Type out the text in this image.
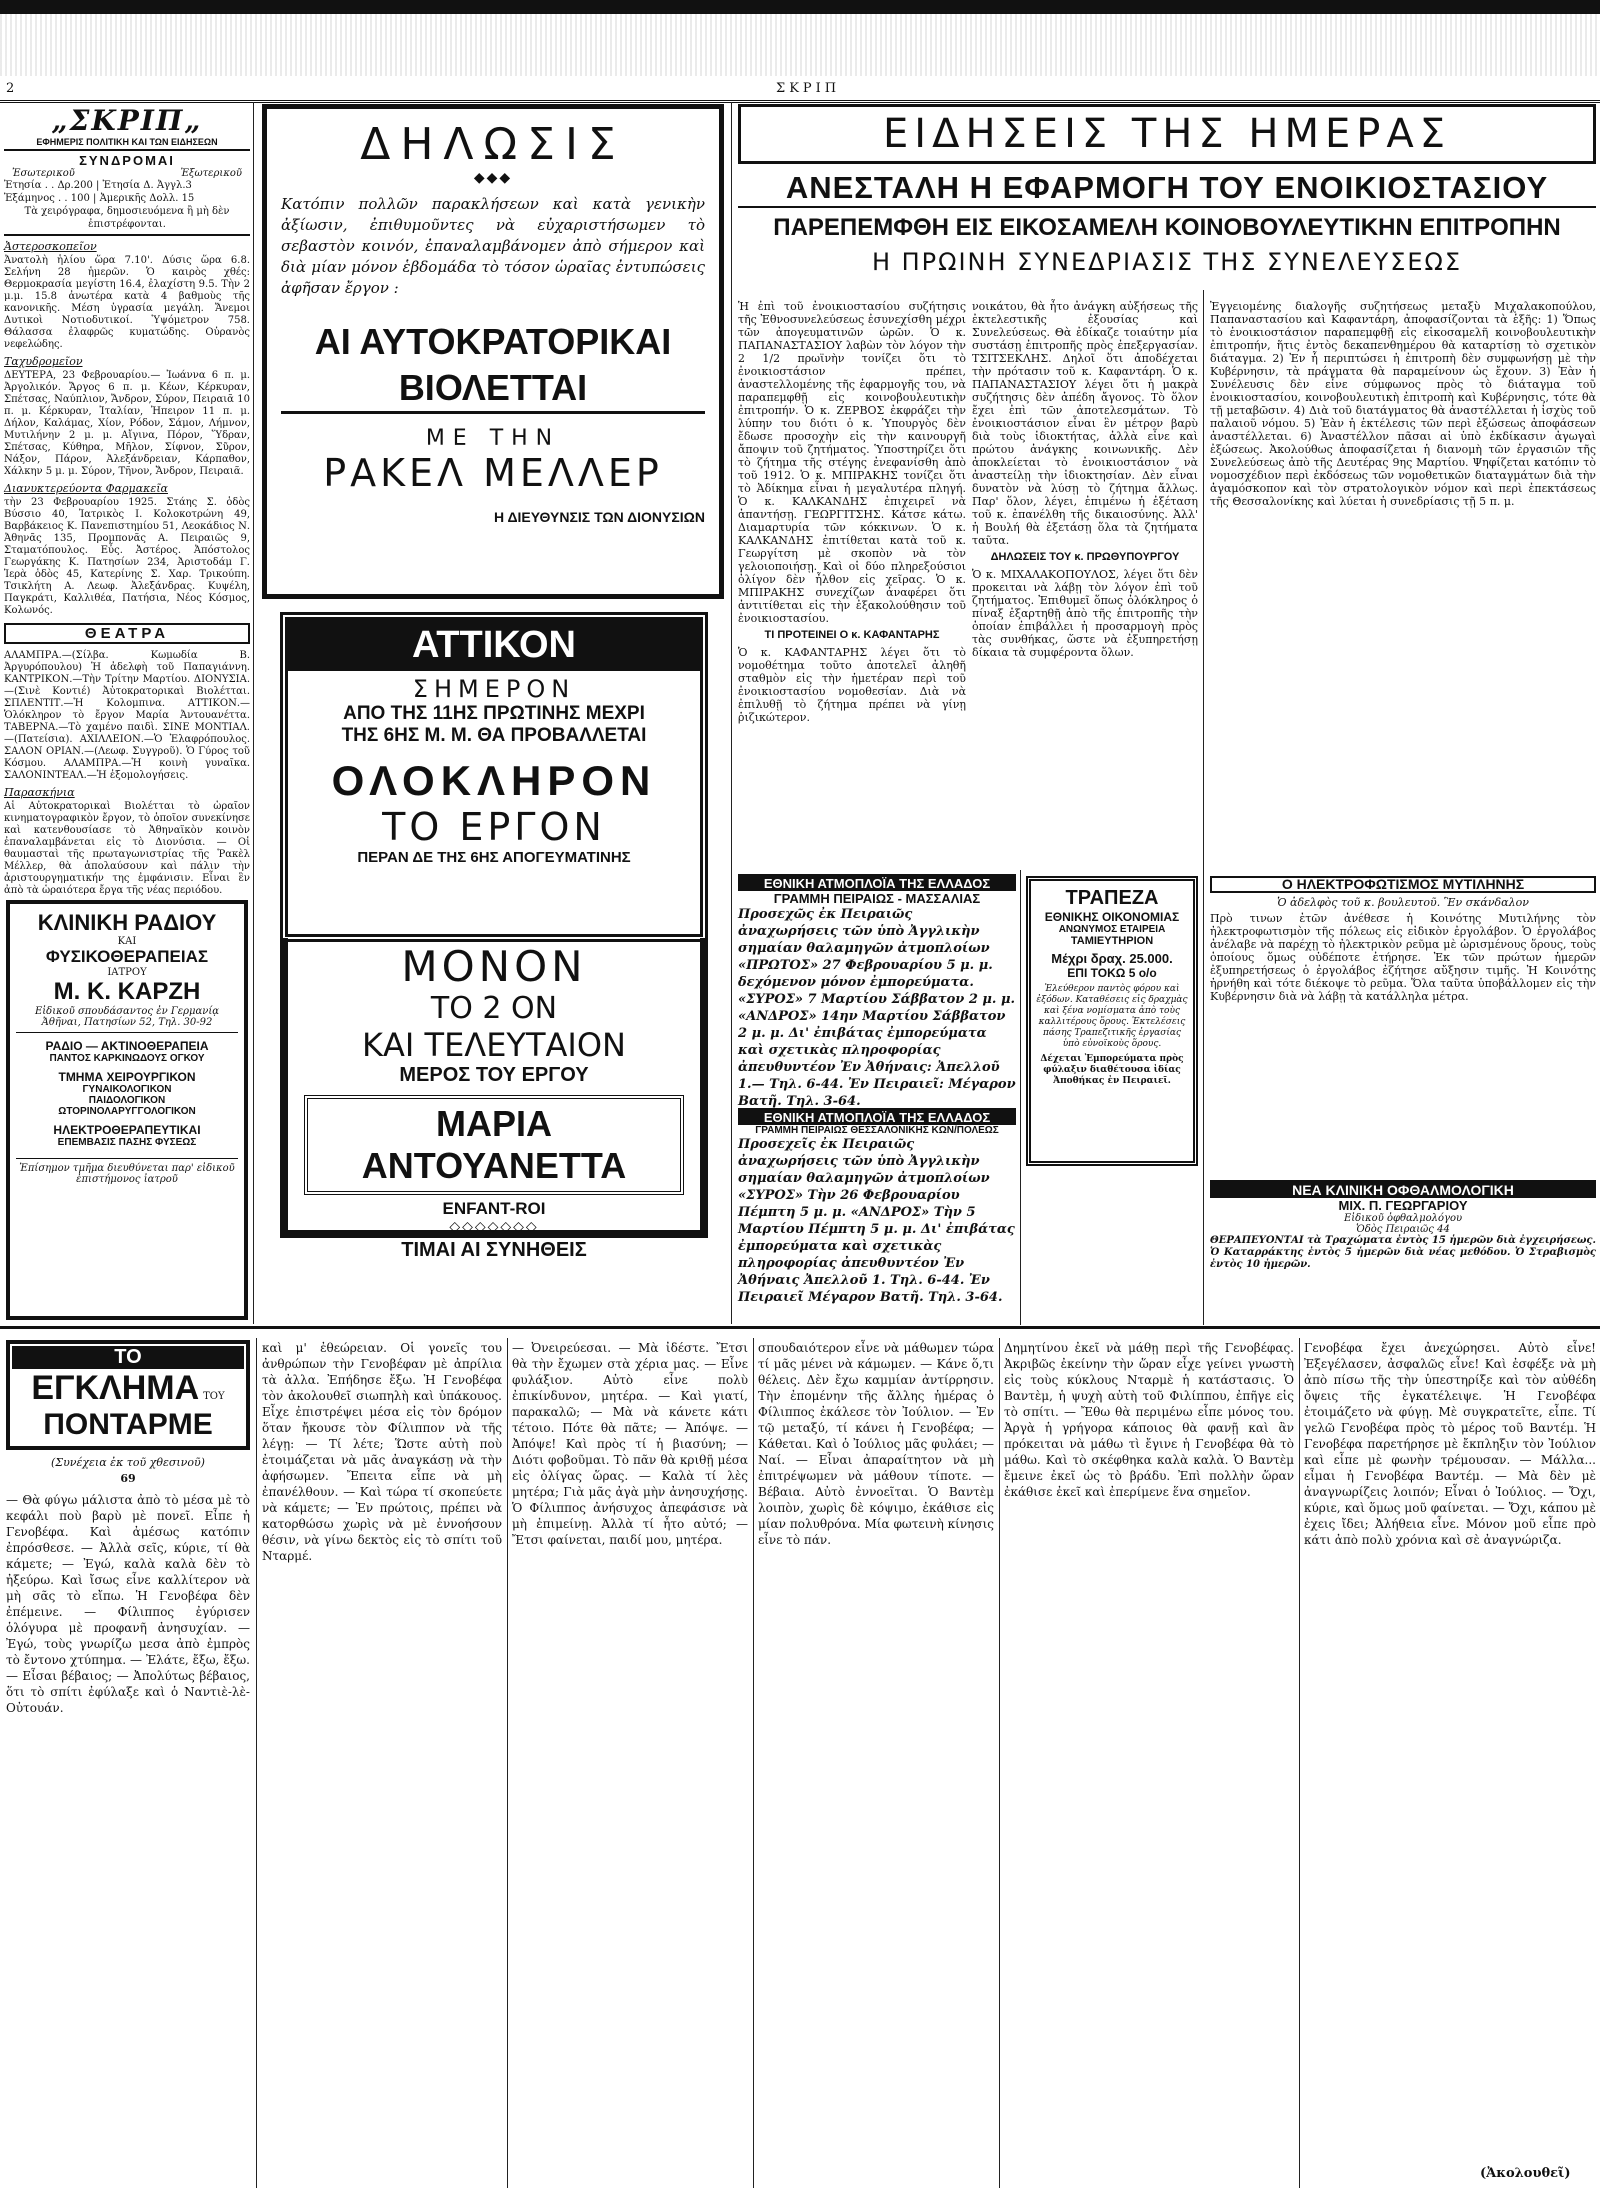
2	ΣΚΡΙΠ
„ΣΚΡΙΠ„
ΕΦΗΜΕΡΙΣ ΠΟΛΙΤΙΚΗ ΚΑΙ ΤΩΝ ΕΙΔΗΣΕΩΝ
ΣΥΝΔΡΟΜΑΙ
Ἐσωτερικοῦ	Ἐξωτερικοῦ
Ἐτησία . . Δρ.200 | Ἐτησία Δ. Ἀγγλ.3
Ἑξάμηνος . . 100 | Ἀμερικῆς Δολλ. 15
Τὰ χειρόγραφα, δημοσιευόμενα ἢ μὴ δὲν ἐπιστρέφονται.
Ἀστεροσκοπεῖον
Ἀνατολὴ ἡλίου ὥρα 7.10'. Δύσις ὥρα 6.8. Σελήνη 28 ἡμερῶν. Ὁ καιρὸς χθές: Θερμοκρασία μεγίστη 16.4, ἐλαχίστη 9.5. Τὴν 2 μ.μ. 15.8 ἀνωτέρα κατὰ 4 βαθμοὺς τῆς κανονικῆς. Μέση ὑγρασία μεγάλη. Ἄνεμοι Δυτικοὶ Νοτιοδυτικοί. Ὑψόμετρον 758. Θάλασσα ἐλαφρῶς κυματώδης. Οὐρανὸς νεφελώδης.
Ταχυδρομεῖον
ΔΕΥΤΕΡΑ, 23 Φεβρουαρίου.— Ἰωάννα 6 π. μ. Ἀργολικόν. Ἄργος 6 π. μ. Κέων, Κέρκυραν, Σπέτσας, Ναύπλιον, Ἄνδρον, Σύρον, Πειραιᾶ 10 π. μ. Κέρκυραν, Ἰταλίαν, Ἠπειρον 11 π. μ. Δήλον, Καλάμας, Χίον, Ρόδον, Σάμον, Λήμνον, Μυτιλήνην 2 μ. μ. Αἴγινα, Πόρον, Ὕδραν, Σπέτσας, Κύθηρα, Μῆλον, Σίφνον, Σῦρον, Νάξον, Πάρον, Ἀλεξάνδρειαν, Κάρπαθον, Χάλκην 5 μ. μ. Σύρον, Τῆνον, Ἄνδρον, Πειραιᾶ.
Διανυκτερεύοντα Φαρμακεῖα
τὴν 23 Φεβρουαρίου 1925. Στάης Σ. ὁδὸς Βύσσιο 40, Ἰατρικὸς Ι. Κολοκοτρώνη 49, Βαρβάκειος Κ. Πανεπιστημίου 51, Λεοκάδιος Ν. Ἀθηνᾶς 135, Προμπονᾶς Α. Πειραιῶς 9, Σταματόπουλος. Εὖς. Ἀστέρος. Ἀπόστολος Γεωργάκης Κ. Πατησίων 234, Ἀριστοδάμ Γ. Ἱερὰ ὁδὸς 45, Κατερίνης Σ. Χαρ. Τρικούπη. Τσικλήτη Α. Λεωφ. Ἀλεξάνδρας. Κυψέλη, Παγκράτι, Καλλιθέα, Πατήσια, Νέος Κόσμος, Κολωνός.
ΘΕΑΤΡΑ
ΑΛΑΜΠΡΑ.—(Σίλβα. Κωμωδία Β. Ἀργυρόπουλου) Ἡ ἀδελφὴ τοῦ Παπαγιάννη. ΚΑΝΤΡΙΚΟΝ.—Τὴν Τρίτην Μαρτίου. ΔΙΟΝΥΣΙΑ.—(Σινὲ Κοντιέ) Ἀὐτοκρατορικαὶ Βιολέτται. ΣΠΛΕΝΤΙΤ.—Ἡ Κολομπινα. ΑΤΤΙΚΟΝ.—Ὁλόκληρον τὸ ἔργον Μαρία Ἀντουανέττα. ΤΑΒΕΡΝΑ.—Τὸ χαμένο παιδὶ. ΣΙΝΕ ΜΟΝΤΙΑΛ.—(Πατείσια). ΑΧΙΛΛΕΙΟΝ.—Ὁ Ἐλαφρόπουλος. ΣΑΛΟΝ ΟΡΙΑΝ.—(Λεωφ. Συγγροῦ). Ὁ Γύρος τοῦ Κόσμου. ΑΛΑΜΠΡΑ.—Ἡ κοινὴ γυναῖκα. ΣΑΛΟΝΙΝΤΕΑΛ.—Ἡ ἐξομολογήσεις.
Παρασκήνια
Αἱ Αὐτοκρατορικαὶ Βιολέτται τὸ ὡραῖον κινηματογραφικὸν ἔργον, τὸ ὁποῖον συνεκίνησε καὶ κατενθουσίασε τὸ Ἀθηναϊκὸν κοινὸν ἐπαναλαμβάνεται εἰς τὸ Διονύσια. — Οἱ θαυμασταὶ τῆς πρωταγωνιστρίας τῆς Ῥακὲλ Μέλλερ, θὰ ἀπολαύσουν καὶ πάλιν τὴν ἀριστουργηματικήν της ἐμφάνισιν. Εἶναι ἓν ἀπὸ τὰ ὡραιότερα ἔργα τῆς νέας περιόδου.
ΚΛΙΝΙΚΗ ΡΑΔΙΟΥ
ΚΑΙ
ΦΥΣΙΚΟΘΕΡΑΠΕΙΑΣ
ΙΑΤΡΟΥ
Μ. Κ. ΚΑΡΖΗ
Εἰδικοῦ σπουδάσαντος ἐν Γερμανίᾳ
Ἀθῆναι, Πατησίων 52, Τηλ. 30-92
ΡΑΔΙΟ — ΑΚΤΙΝΟΘΕΡΑΠΕΙΑ
ΠΑΝΤΟΣ ΚΑΡΚΙΝΩΔΟΥΣ ΟΓΚΟΥ
ΤΜΗΜΑ ΧΕΙΡΟΥΡΓΙΚΟΝ
ΓΥΝΑΙΚΟΛΟΓΙΚΟΝ
ΠΑΙΔΟΛΟΓΙΚΟΝ
ΩΤΟΡΙΝΟΛΑΡΥΓΓΟΛΟΓΙΚΟΝ
ΗΛΕΚΤΡΟΘΕΡΑΠΕΥΤΙΚΑΙ
ΕΠΕΜΒΑΣΙΣ ΠΑΣΗΣ ΦΥΣΕΩΣ
Ἐπίσημον τμῆμα διευθύνεται παρ' εἰδικοῦ ἐπιστήμονος ἰατροῦ
ΔΗΛΩΣΙΣ
◆◆◆
Κατόπιν πολλῶν παρακλήσεων καὶ κατὰ γενικὴν ἀξίωσιν, ἐπιθυμοῦντες νὰ εὐχαριστήσωμεν τὸ σεβαστὸν κοινόν, ἐπαναλαμβάνομεν ἀπὸ σήμερον καὶ διὰ μίαν μόνον ἑβδομάδα τὸ τόσον ὡραῖας ἐντυπώσεις ἀφῆσαν ἔργον :
ΑΙ ΑΥΤΟΚΡΑΤΟΡΙΚΑΙ ΒΙΟΛΕΤΤΑΙ
ΜΕ ΤΗΝ
ΡΑΚΕΛ ΜΕΛΛΕΡ
Η ΔΙΕΥΘΥΝΣΙΣ ΤΩΝ ΔΙΟΝΥΣΙΩΝ
ΑΤΤΙΚΟΝ
ΣΗΜΕΡΟΝ
ΑΠΟ ΤΗΣ 11ΗΣ ΠΡΩΤΙΝΗΣ ΜΕΧΡΙ
ΤΗΣ 6ΗΣ Μ. Μ. ΘΑ ΠΡΟΒΑΛΛΕΤΑΙ
ΟΛΟΚΛΗΡΟΝ
ΤΟ ΕΡΓΟΝ
ΠΕΡΑΝ ΔΕ ΤΗΣ 6ΗΣ ΑΠΟΓΕΥΜΑΤΙΝΗΣ
ΜΟΝΟΝ
ΤΟ 2 ΟΝ
ΚΑΙ ΤΕΛΕΥΤΑΙΟΝ
ΜΕΡΟΣ ΤΟΥ ΕΡΓΟΥ
ΜΑΡΙΑ ΑΝΤΟΥΑΝΕΤΤΑ
ENFANT-ROI
◇◇◇◇◇◇◇
ΤΙΜΑΙ ΑΙ ΣΥΝΗΘΕΙΣ
ΕΙΔΗΣΕΙΣ ΤΗΣ ΗΜΕΡΑΣ
ΑΝΕΣΤΑΛΗ Η ΕΦΑΡΜΟΓΗ ΤΟΥ ΕΝΟΙΚΙΟΣΤΑΣΙΟΥ
ΠΑΡΕΠΕΜΦΘΗ ΕΙΣ ΕΙΚΟΣΑΜΕΛΗ ΚΟΙΝΟΒΟΥΛΕΥΤΙΚΗΝ ΕΠΙΤΡΟΠΗΝ
Η ΠΡΩΙΝΗ ΣΥΝΕΔΡΙΑΣΙΣ ΤΗΣ ΣΥΝΕΛΕΥΣΕΩΣ
Ἡ ἐπὶ τοῦ ἐνοικιοστασίου συζήτησις τῆς Ἐθνοσυνελεύσεως ἐσυνεχίσθη μέχρι τῶν ἀπογευματινῶν ὡρῶν. Ὁ κ. ΠΑΠΑΝΑΣΤΑΣΙΟΥ λαβὼν τὸν λόγον τὴν 2 1/2 πρωϊνὴν τονίζει ὅτι τὸ ἐνοικιοστάσιον πρέπει, ἀναστελλομένης τῆς ἐφαρμογῆς του, νὰ παραπεμφθῇ εἰς κοινοβουλευτικὴν ἐπιτροπήν. Ὁ κ. ΖΕΡΒΟΣ ἐκφράζει τὴν λύπην του διότι ὁ κ. Ὑπουργὸς δὲν ἔδωσε προσοχὴν εἰς τὴν καινουργῆ ἄποψιν τοῦ ζητήματος. Ὑποστηρίζει ὅτι τὸ ζήτημα τῆς στέγης ἐνεφανίσθη ἀπὸ τοῦ 1912. Ὁ κ. ΜΠΙΡΑΚΗΣ τονίζει ὅτι τὸ Ἀδίκημα εἶναι ἡ μεγαλυτέρα πληγή. Ὁ κ. ΚΑΛΚΑΝΔΗΣ ἐπιχειρεῖ νὰ ἀπαντήσῃ. ΓΕΩΡΓΙΤΣΗΣ. Κάτσε κάτω. Διαμαρτυρία τῶν κόκκινων. Ὁ κ. ΚΑΛΚΑΝΔΗΣ ἐπιτίθεται κατὰ τοῦ κ. Γεωργίτση μὲ σκοπὸν νὰ τὸν γελοιοποιήσῃ. Καὶ οἱ δύο πληρεξούσιοι ὀλίγον δὲν ἦλθον εἰς χεῖρας. Ὁ κ. ΜΠΙΡΑΚΗΣ συνεχίζων ἀναφέρει ὅτι ἀντιτίθεται εἰς τὴν ἐξακολούθησιν τοῦ ἐνοικιοστασίου.
ΤΙ ΠΡΟΤΕΙΝΕΙ Ο κ. ΚΑΦΑΝΤΑΡΗΣ
Ὁ κ. ΚΑΦΑΝΤΑΡΗΣ λέγει ὅτι τὸ νομοθέτημα τοῦτο ἀποτελεῖ ἀληθῆ σταθμὸν εἰς τὴν ἡμετέραν περὶ τοῦ ἐνοικιοστασίου νομοθεσίαν. Διὰ νὰ ἐπιλυθῇ τὸ ζήτημα πρέπει νὰ γίνῃ ῥιζικώτερον.
νοικάτου, θὰ ἦτο ἀνάγκη αὐξήσεως τῆς ἐκτελεστικῆς ἐξουσίας καὶ Συνελεύσεως. Θὰ ἐδίκαζε τοιαύτην μία συστάσῃ ἐπιτροπῆς πρὸς ἐπεξεργασίαν. ΤΣΙΤΣΕΚΛΗΣ. Δηλοῖ ὅτι ἀποδέχεται τὴν πρότασιν τοῦ κ. Καφαντάρη. Ὁ κ. ΠΑΠΑΝΑΣΤΑΣΙΟΥ λέγει ὅτι ἡ μακρὰ συζήτησις δὲν ἀπέδη ἄγονος. Τὸ ὅλον ἔχει ἐπὶ τῶν ἀποτελεσμάτων. Τὸ ἐνοικιοστάσιον εἶναι ἓν μέτρον βαρὺ διὰ τοὺς ἰδιοκτήτας, ἀλλὰ εἶνε καὶ πρώτου ἀνάγκης κοινωνικῆς. Δὲν ἀποκλείεται τὸ ἐνοικιοστάσιον νὰ ἀναστείλῃ τὴν ἰδιοκτησίαν. Δὲν εἶναι δυνατὸν νὰ λύσῃ τὸ ζήτημα ἄλλως. Παρ' ὅλον, λέγει, ἐπιμένω ἡ ἐξέταση τοῦ κ. ἐπανέλθη τῆς δικαιοσύνης. Ἀλλ' ἡ Βουλή θὰ ἐξετάσῃ ὅλα τὰ ζητήματα ταῦτα.
ΔΗΛΩΣΕΙΣ ΤΟΥ κ. ΠΡΩΘΥΠΟΥΡΓΟΥ
Ὁ κ. ΜΙΧΑΛΑΚΟΠΟΥΛΟΣ, λέγει ὅτι δὲν προκειται νὰ λάβῃ τὸν λόγον ἐπὶ τοῦ ζητήματος. Ἐπιθυμεῖ ὅπως ὁλόκληρος ὁ πίναξ ἐξαρτηθῇ ἀπὸ τῆς ἐπιτροπῆς τὴν ὁποίαν ἐπιβάλλει ἡ προσαρμογὴ πρὸς τὰς συνθήκας, ὥστε νὰ ἐξυπηρετήσῃ δίκαια τὰ συμφέροντα ὅλων.
Ἐγγειομένης διαλογῆς συζητήσεως μεταξὺ Μιχαλακοπούλου, Παπαναστασίου καὶ Καφαντάρη, ἀποφασίζονται τὰ ἑξῆς: 1) Ὅπως τὸ ἐνοικιοστάσιον παραπεμφθῇ εἰς εἰκοσαμελῆ κοινοβουλευτικὴν ἐπιτροπήν, ἥτις ἐντὸς δεκαπενθημέρου θὰ καταρτίσῃ τὸ σχετικὸν διάταγμα. 2) Ἐν ἧ περιπτώσει ἡ ἐπιτροπὴ δὲν συμφωνήσῃ μὲ τὴν Κυβέρνησιν, τὰ πράγματα θὰ παραμείνουν ὡς ἔχουν. 3) Ἐὰν ἡ Συνέλευσις δὲν εἶνε σύμφωνος πρὸς τὸ διάταγμα τοῦ ἐνοικιοστασίου, κοινοβουλευτικὴ ἐπιτροπὴ καὶ Κυβέρνησις, τότε θὰ τῇ μεταβῶσιν. 4) Διὰ τοῦ διατάγματος θὰ ἀναστέλλεται ἡ ἰσχὺς τοῦ παλαιοῦ νόμου. 5) Ἐὰν ἡ ἐκτέλεσις τῶν περὶ ἐξώσεως ἀποφάσεων ἀναστέλλεται. 6) Ἀναστέλλον πᾶσαι αἱ ὑπὸ ἐκδίκασιν ἀγωγαὶ ἐξώσεως. Ἀκολούθως ἀποφασίζεται ἡ διανομὴ τῶν ἐργασιῶν τῆς Συνελεύσεως ἀπὸ τῆς Δευτέρας 9ης Μαρτίου. Ψηφίζεται κατόπιν τὸ νομοσχέδιον περὶ ἐκδόσεως τῶν νομοθετικῶν διαταγμάτων διὰ τὴν ἀγαμόσκοπον καὶ τὸν στρατολογικὸν νόμον καὶ περὶ ἐπεκτάσεως τῆς Θεσσαλονίκης καὶ λύεται ἡ συνεδρίασις τῇ 5 π. μ.
ΕΘΝΙΚΗ ΑΤΜΟΠΛΟΪΑ ΤΗΣ ΕΛΛΑΔΟΣ
ΓΡΑΜΜΗ ΠΕΙΡΑΙΩΣ - ΜΑΣΣΑΛΙΑΣ
Προσεχῶς ἐκ Πειραιῶς ἀναχωρήσεις τῶν ὑπὸ Ἀγγλικὴν σημαίαν θαλαμηγῶν ἀτμοπλοίων «ΠΡΩΤΟΣ» 27 Φεβρουαρίου 5 μ. μ. δεχόμενον μόνον ἐμπορεύματα. «ΣΥΡΟΣ» 7 Μαρτίου Σάββατον 2 μ. μ. «ΑΝΔΡΟΣ» 14ην Μαρτίου Σάββατον 2 μ. μ. Δι' ἐπιβάτας ἐμπορεύματα καὶ σχετικὰς πληροφορίας ἀπευθυντέον Ἐν Ἀθήναις: Ἀπελλοῦ 1.— Τηλ. 6-44. Ἐν Πειραιεῖ: Μέγαρον Βατῆ. Τηλ. 3-64.
ΕΘΝΙΚΗ ΑΤΜΟΠΛΟΪΑ ΤΗΣ ΕΛΛΑΔΟΣ
ΓΡΑΜΜΗ ΠΕΙΡΑΙΩΣ ΘΕΣΣΑΛΟΝΙΚΗΣ ΚΩΝ/ΠΟΛΕΩΣ
Προσεχεῖς ἐκ Πειραιῶς ἀναχωρήσεις τῶν ὑπὸ Ἀγγλικὴν σημαίαν θαλαμηγῶν ἀτμοπλοίων «ΣΥΡΟΣ» Τὴν 26 Φεβρουαρίου Πέμπτη 5 μ. μ. «ΑΝΔΡΟΣ» Τὴν 5 Μαρτίου Πέμπτη 5 μ. μ. Δι' ἐπιβάτας ἐμπορεύματα καὶ σχετικὰς πληροφορίας ἀπευθυντέον Ἐν Ἀθήναις Ἀπελλοῦ 1. Τηλ. 6-44. Ἐν Πειραιεῖ Μέγαρον Βατῆ. Τηλ. 3-64.
ΤΡΑΠΕΖΑ
ΕΘΝΙΚΗΣ ΟΙΚΟΝΟΜΙΑΣ
ΑΝΩΝΥΜΟΣ ΕΤΑΙΡΕΙΑ
ΤΑΜΙΕΥΤΗΡΙΟΝ
Μέχρι δραχ. 25.000.
ΕΠΙ ΤΟΚΩ 5 ο/ο
Ἐλεύθερον παντὸς φόρου καὶ ἐξόδων. Καταθέσεις εἰς δραχμὰς καὶ ξένα νομίσματα ἀπὸ τοὺς καλλιτέρους ὅρους. Ἐκτελέσεις πάσης Τραπεζιτικῆς ἐργασίας ὑπὸ εὐνοϊκοὺς ὅρους.
Δέχεται Ἐμπορεύματα πρὸς φύλαξιν διαθέτουσα ἰδίας Ἀποθήκας ἐν Πειραιεῖ.
Ο ΗΛΕΚΤΡΟΦΩΤΙΣΜΟΣ ΜΥΤΙΛΗΝΗΣ
Ὁ ἀδελφὸς τοῦ κ. βουλευτοῦ. Ἓν σκάνδαλον
Πρὸ τινων ἐτῶν ἀνέθεσε ἡ Κοινότης Μυτιλήνης τὸν ἠλεκτροφωτισμὸν τῆς πόλεως εἰς εἰδικὸν ἐργολάβον. Ὁ ἐργολάβος ἀνέλαβε νὰ παρέχῃ τὸ ἠλεκτρικὸν ρεῦμα μὲ ὡρισμένους ὅρους, τοὺς ὁποίους ὅμως οὐδέποτε ἐτήρησε. Ἐκ τῶν πρώτων ἡμερῶν ἐξυπηρετήσεως ὁ ἐργολάβος ἐζήτησε αὔξησιν τιμῆς. Ἡ Κοινότης ἠρνήθη καὶ τότε διέκοψε τὸ ρεῦμα. Ὅλα ταῦτα ὑποβάλλομεν εἰς τὴν Κυβέρνησιν διὰ νὰ λάβῃ τὰ κατάλληλα μέτρα.
ΝΕΑ ΚΛΙΝΙΚΗ ΟΦΘΑΛΜΟΛΟΓΙΚΗ
ΜΙΧ. Π. ΓΕΩΡΓΑΡΙΟΥ
Εἰδικοῦ ὀφθαλμολόγου
Ὁδὸς Πειραιῶς 44
ΘΕΡΑΠΕΥΟΝΤΑΙ τὰ Τραχώματα ἐντὸς 15 ἡμερῶν διὰ ἐγχειρήσεως. Ὁ Καταρράκτης ἐντὸς 5 ἡμερῶν διὰ νέας μεθόδου. Ὁ Στραβισμὸς ἐντὸς 10 ἡμερῶν.
ΤΟ
ΕΓΚΛΗΜΑ ΤΟΥ
ΠΟΝΤΑΡΜΕ
(Συνέχεια ἐκ τοῦ χθεσινοῦ)
69
— Θὰ φύγω μάλιστα ἀπὸ τὸ μέσα μὲ τὸ κεφάλι ποὺ βαρὺ μὲ πονεῖ. Εἶπε ἡ Γενοβέφα. Καὶ ἀμέσως κατόπιν ἐπρόσθεσε. — Ἀλλὰ σεῖς, κύριε, τί θὰ κάμετε; — Ἐγώ, καλὰ καλὰ δὲν τὸ ἠξεύρω. Καὶ ἴσως εἶνε καλλίτερον νὰ μὴ σᾶς τὸ εἴπω. Ἡ Γενοβέφα δὲν ἐπέμεινε. — Φίλιππος ἐγύρισεν ὁλόγυρα μὲ προφανῆ ἀνησυχίαν. — Ἐγώ, τοὺς γνωρίζω μεσα ἀπὸ ἐμπρὸς τὸ ἔντονο χτύπημα. — Ἐλάτε, ἔξω, ἔξω. — Εἶσαι βέβαιος; — Ἀπολύτως βέβαιος, ὅτι τὸ σπίτι ἐφύλαξε καὶ ὁ Ναντιὲ-λὲ-Οὐτουάν.
καὶ μ' ἐθεώρειαν. Οἱ γονεῖς του ἀνθρώπων τὴν Γενοβέφαν μὲ ἀπρίλια τὰ ἀλλα. Ἐπήδησε ἔξω. Ἡ Γενοβέφα τὸν ἀκολουθεῖ σιωπηλὴ καὶ ὑπάκουος. Εἶχε ἐπιστρέψει μέσα εἰς τὸν δρόμον ὅταν ἤκουσε τὸν Φίλιππον νὰ τῆς λέγῃ: — Τί λέτε; Ὥστε αὐτὴ ποὺ ἐτοιμάζεται νὰ μᾶς ἀναγκάσῃ νὰ τὴν ἀφήσωμεν. Ἔπειτα εἶπε νὰ μὴ ἐπανέλθουν. — Καὶ τώρα τί σκοπεύετε νὰ κάμετε; — Ἐν πρώτοις, πρέπει νὰ κατορθώσω χωρὶς νὰ μὲ ἐννοήσουν θέσιν, νὰ γίνω δεκτὸς εἰς τὸ σπίτι τοῦ Νταρμέ.
— Ὀνειρεύεσαι. — Μὰ ἰδέστε. Ἔτσι θὰ τὴν ἔχωμεν στὰ χέρια μας. — Εἶνε φυλάξιον. Αὐτὸ εἶνε πολὺ ἐπικίνδυνον, μητέρα. — Καὶ γιατί, παρακαλῶ; — Μὰ νὰ κάνετε κάτι τέτοιο. Πότε θὰ πᾶτε; — Ἀπόψε. — Ἀπόψε! Καὶ πρὸς τί ἡ βιασύνη; — Διότι φοβοῦμαι. Τὸ πᾶν θὰ κριθῇ μέσα εἰς ὀλίγας ὥρας. — Καλὰ τί λὲς μητέρα; Γιὰ μᾶς ἀγὰ μὴν ἀνησυχήσῃς. Ὁ Φίλιππος ἀνήσυχος ἀπεφάσισε νὰ μὴ ἐπιμείνῃ. Ἀλλὰ τί ἦτο αὐτό; — Ἔτσι φαίνεται, παιδί μου, μητέρα.
σπουδαιότερον εἶνε νὰ μάθωμεν τώρα τί μᾶς μένει νὰ κάμωμεν. — Κάνε ὅ,τι θέλεις. Δὲν ἔχω καμμίαν ἀντίρρησιν. Τὴν ἐπομένην τῆς ἄλλης ἡμέρας ὁ Φίλιππος ἐκάλεσε τὸν Ἰούλιον. — Ἐν τῷ μεταξύ, τί κάνει ἡ Γενοβέφα; — Κάθεται. Καὶ ὁ Ἰούλιος μᾶς φυλάει; — Ναί. — Εἶναι ἀπαραίτητον νὰ μὴ ἐπιτρέψωμεν νὰ μάθουν τίποτε. — Βέβαια. Αὐτὸ ἐννοεῖται. Ὁ Βαντὲμ λοιπὸν, χωρὶς δὲ κόψιμο, ἐκάθισε εἰς μίαν πολυθρόνα. Μία φωτεινὴ κίνησις εἶνε τὸ πάν.
Δημητίνου ἐκεῖ νὰ μάθῃ περὶ τῆς Γενοβέφας. Ἀκριβῶς ἐκείνην τὴν ὥραν εἶχε γείνει γνωστὴ εἰς τοὺς κύκλους Νταρμὲ ἡ κατάστασις. Ὁ Βαντὲμ, ἡ ψυχὴ αὐτὴ τοῦ Φιλίππου, ἐπῆγε εἰς τὸ σπίτι. — Ἔθω θὰ περιμένω εἶπε μόνος του. Ἀργὰ ἡ γρήγορα κάποιος θὰ φανῇ καὶ ἂν πρόκειται νὰ μάθω τὶ ἔγινε ἡ Γενοβέφα θὰ τὸ μάθω. Καὶ τὸ σκέφθηκα καλὰ καλὰ. Ὁ Βαντὲμ ἔμεινε ἐκεῖ ὡς τὸ βράδυ. Ἐπὶ πολλὴν ὥραν ἐκάθισε ἐκεῖ καὶ ἐπερίμενε ἕνα σημεῖον.
Γενοβέφα ἔχει ἀνεχώρησει. Αὐτὸ εἶνε! Ἐξεγέλασεν, ἀσφαλῶς εἶνε! Καὶ ἐσφέξε νὰ μὴ ἀπὸ πίσω τῆς τὴν ὑπεστηρίξε καὶ τὸν αὐθέδη ὄψεις τῆς ἐγκατέλειψε. Ἡ Γενοβέφα ἐτοιμάζετο νὰ φύγῃ. Μὲ συγκρατεῖτε, εἶπε. Τί γελῶ Γενοβέφα πρὸς τὸ μέρος τοῦ Βαντέμ. Ἡ Γενοβέφα παρετήρησε μὲ ἔκπληξιν τὸν Ἰούλιον καὶ εἶπε μὲ φωνὴν τρέμουσαν. — Μάλλα... εἶμαι ἡ Γενοβέφα Βαντέμ. — Μὰ δὲν μὲ ἀναγνωρίζεις λοιπόν; Εἶναι ὁ Ἰούλιος. — Ὄχι, κύριε, καὶ ὅμως μοῦ φαίνεται. — Ὄχι, κάπου μὲ ἐχεις ἴδει; Ἀλήθεια εἶνε. Μόνον μοῦ εἶπε πρὸ κάτι ἀπὸ πολὺ χρόνια καὶ σὲ ἀναγνώριζα.
(Ἀκολουθεῖ)
